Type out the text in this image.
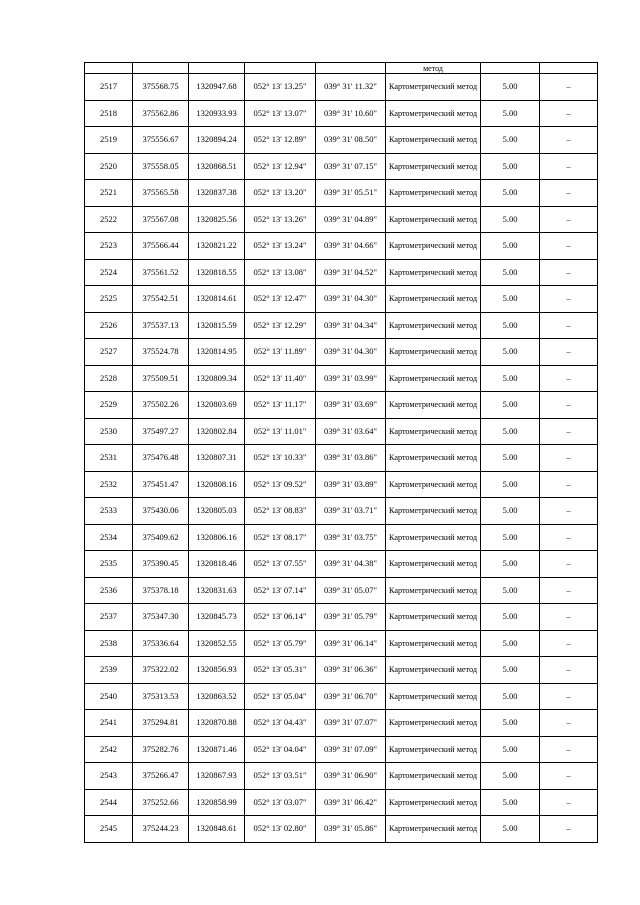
					метод		
2517	375568.75	1320947.68	052° 13' 13.25"	039° 31' 11.32"	Картометрический метод	5.00	–
2518	375562.86	1320933.93	052° 13' 13.07"	039° 31' 10.60"	Картометрический метод	5.00	–
2519	375556.67	1320894.24	052° 13' 12.89"	039° 31' 08.50"	Картометрический метод	5.00	–
2520	375558.05	1320868.51	052° 13' 12.94"	039° 31' 07.15"	Картометрический метод	5.00	–
2521	375565.58	1320837.38	052° 13' 13.20"	039° 31' 05.51"	Картометрический метод	5.00	–
2522	375567.08	1320825.56	052° 13' 13.26"	039° 31' 04.89"	Картометрический метод	5.00	–
2523	375566.44	1320821.22	052° 13' 13.24"	039° 31' 04.66"	Картометрический метод	5.00	–
2524	375561.52	1320818.55	052° 13' 13.08"	039° 31' 04.52"	Картометрический метод	5.00	–
2525	375542.51	1320814.61	052° 13' 12.47"	039° 31' 04.30"	Картометрический метод	5.00	–
2526	375537.13	1320815.59	052° 13' 12.29"	039° 31' 04.34"	Картометрический метод	5.00	–
2527	375524.78	1320814.95	052° 13' 11.89"	039° 31' 04.30"	Картометрический метод	5.00	–
2528	375509.51	1320809.34	052° 13' 11.40"	039° 31' 03.99"	Картометрический метод	5.00	–
2529	375502.26	1320803.69	052° 13' 11.17"	039° 31' 03.69"	Картометрический метод	5.00	–
2530	375497.27	1320802.84	052° 13' 11.01"	039° 31' 03.64"	Картометрический метод	5.00	–
2531	375476.48	1320807.31	052° 13' 10.33"	039° 31' 03.86"	Картометрический метод	5.00	–
2532	375451.47	1320808.16	052° 13' 09.52"	039° 31' 03.89"	Картометрический метод	5.00	–
2533	375430.06	1320805.03	052° 13' 08.83"	039° 31' 03.71"	Картометрический метод	5.00	–
2534	375409.62	1320806.16	052° 13' 08.17"	039° 31' 03.75"	Картометрический метод	5.00	–
2535	375390.45	1320818.46	052° 13' 07.55"	039° 31' 04.38"	Картометрический метод	5.00	–
2536	375378.18	1320831.63	052° 13' 07.14"	039° 31' 05.07"	Картометрический метод	5.00	–
2537	375347.30	1320845.73	052° 13' 06.14"	039° 31' 05.79"	Картометрический метод	5.00	–
2538	375336.64	1320852.55	052° 13' 05.79"	039° 31' 06.14"	Картометрический метод	5.00	–
2539	375322.02	1320856.93	052° 13' 05.31"	039° 31' 06.36"	Картометрический метод	5.00	–
2540	375313.53	1320863.52	052° 13' 05.04"	039° 31' 06.70"	Картометрический метод	5.00	–
2541	375294.81	1320870.88	052° 13' 04.43"	039° 31' 07.07"	Картометрический метод	5.00	–
2542	375282.76	1320871.46	052° 13' 04.04"	039° 31' 07.09"	Картометрический метод	5.00	–
2543	375266.47	1320867.93	052° 13' 03.51"	039° 31' 06.90"	Картометрический метод	5.00	–
2544	375252.66	1320858.99	052° 13' 03.07"	039° 31' 06.42"	Картометрический метод	5.00	–
2545	375244.23	1320848.61	052° 13' 02.80"	039° 31' 05.86"	Картометрический метод	5.00	–
